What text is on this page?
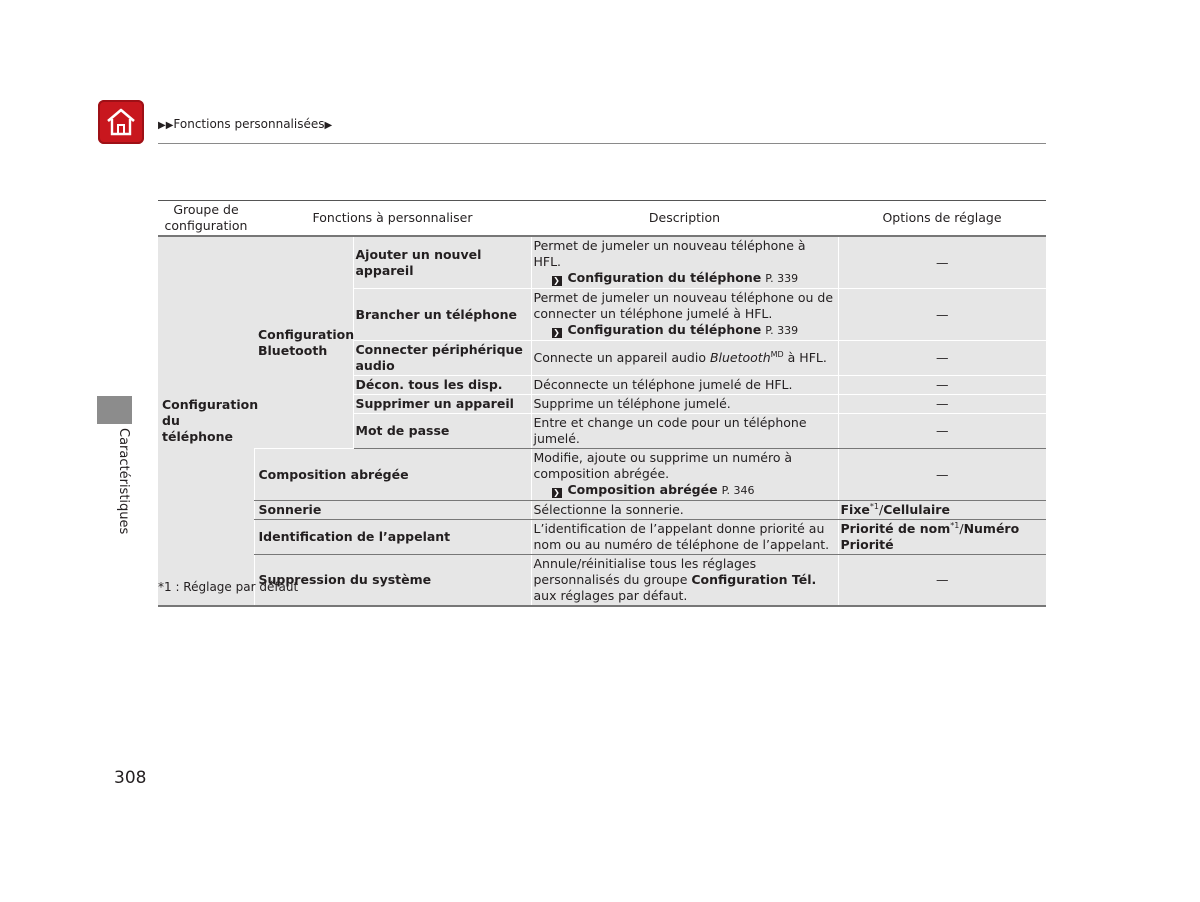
▶▶Fonctions personnalisées▶
Caractéristiques
Groupe de configuration	Fonctions à personnaliser		Description	Options de réglage
Configuration du téléphone	Configuration Bluetooth	Ajouter un nouvel appareil	Permet de jumeler un nouveau téléphone à HFL.
❯ Configuration du téléphone P. 339	—
		Brancher un téléphone	Permet de jumeler un nouveau téléphone ou de connecter un téléphone jumelé à HFL.
❯ Configuration du téléphone P. 339	—
		Connecter périphérique audio	Connecte un appareil audio Bluetooth$^{MD}$ à HFL.	—
		Décon. tous les disp.	Déconnecte un téléphone jumelé de HFL.	—
		Supprimer un appareil	Supprime un téléphone jumelé.	—
		Mot de passe	Entre et change un code pour un téléphone jumelé.	—
	Composition abrégée		Modifie, ajoute ou supprime un numéro à composition abrégée.
❯ Composition abrégée P. 346	—
	Sonnerie		Sélectionne la sonnerie.	Fixe$^{*1}$/Cellulaire
	Identification de l’appelant		L’identification de l’appelant donne priorité au nom ou au numéro de téléphone de l’appelant.	Priorité de nom$^{*1}$/Numéro Priorité
	Suppression du système		Annule/réinitialise tous les réglages personnalisés du groupe Configuration Tél. aux réglages par défaut.	—
*1 : Réglage par défaut
308
